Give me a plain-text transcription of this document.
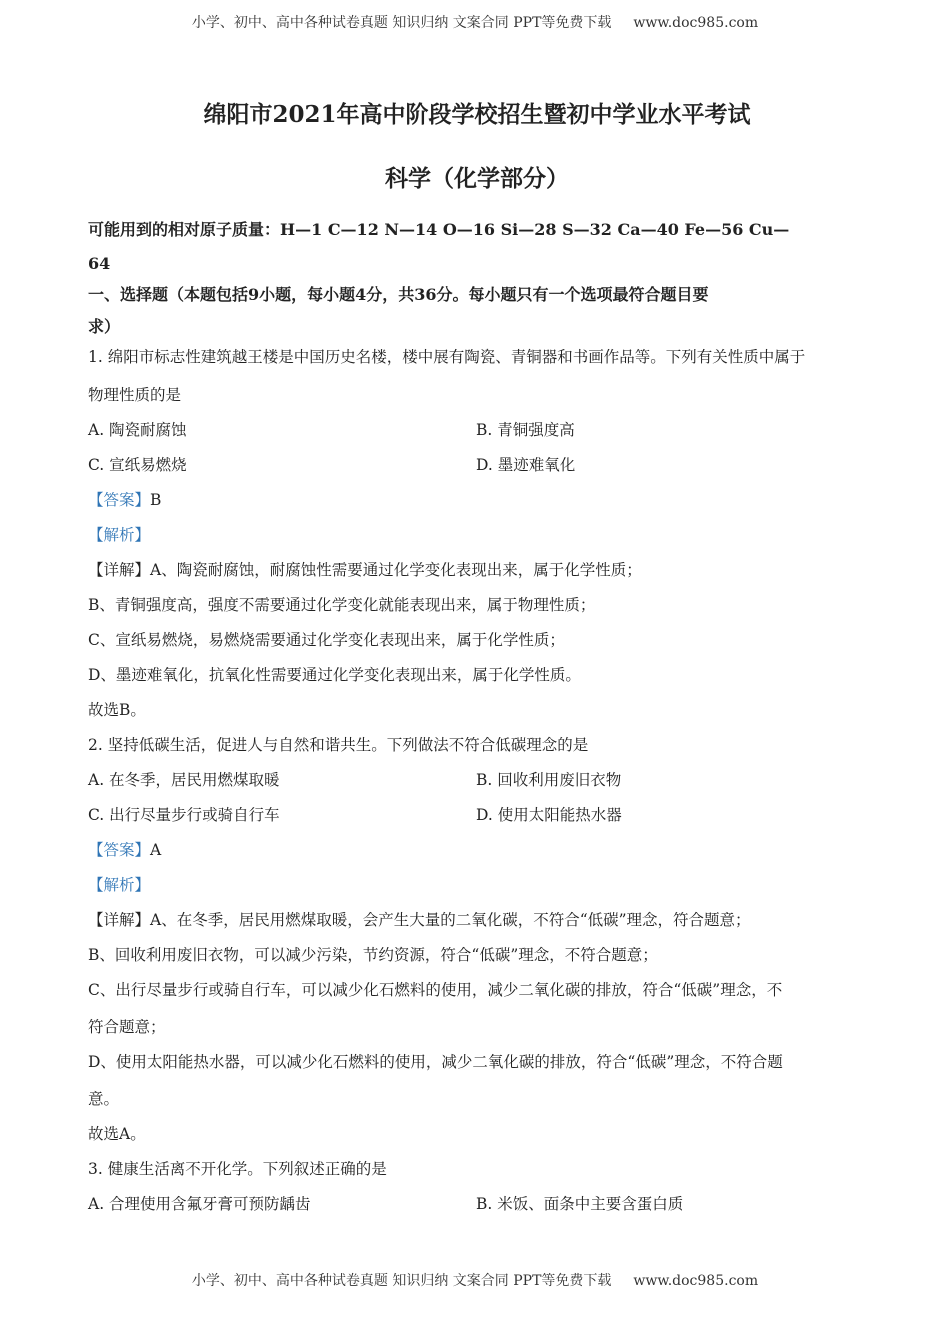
小学、初中、高中各种试卷真题 知识归纳 文案合同 PPT等免费下载 www.doc985.com
绵阳市2021年高中阶段学校招生暨初中学业水平考试
科学（化学部分）
可能用到的相对原子质量：H—1 C—12 N—14 O—16 Si—28 S—32 Ca—40 Fe—56 Cu—
64
一、选择题（本题包括9小题，每小题4分，共36分。每小题只有一个选项最符合题目要
求）
1. 绵阳市标志性建筑越王楼是中国历史名楼，楼中展有陶瓷、青铜器和书画作品等。下列有关性质中属于
物理性质的是
A. 陶瓷耐腐蚀	B. 青铜强度高
C. 宣纸易燃烧	D. 墨迹难氧化
【答案】B
【解析】
【详解】A、陶瓷耐腐蚀，耐腐蚀性需要通过化学变化表现出来，属于化学性质；
B、青铜强度高，强度不需要通过化学变化就能表现出来，属于物理性质；
C、宣纸易燃烧，易燃烧需要通过化学变化表现出来，属于化学性质；
D、墨迹难氧化，抗氧化性需要通过化学变化表现出来，属于化学性质。
故选B。
2. 坚持低碳生活，促进人与自然和谐共生。下列做法不符合低碳理念的是
A. 在冬季，居民用燃煤取暖	B. 回收利用废旧衣物
C. 出行尽量步行或骑自行车	D. 使用太阳能热水器
【答案】A
【解析】
【详解】A、在冬季，居民用燃煤取暖，会产生大量的二氧化碳，不符合“低碳”理念，符合题意；
B、回收利用废旧衣物，可以减少污染，节约资源，符合“低碳”理念，不符合题意；
C、出行尽量步行或骑自行车，可以减少化石燃料的使用，减少二氧化碳的排放，符合“低碳”理念，不
符合题意；
D、使用太阳能热水器，可以减少化石燃料的使用，减少二氧化碳的排放，符合“低碳”理念，不符合题
意。
故选A。
3. 健康生活离不开化学。下列叙述正确的是
A. 合理使用含氟牙膏可预防龋齿	B. 米饭、面条中主要含蛋白质
小学、初中、高中各种试卷真题 知识归纳 文案合同 PPT等免费下载 www.doc985.com
